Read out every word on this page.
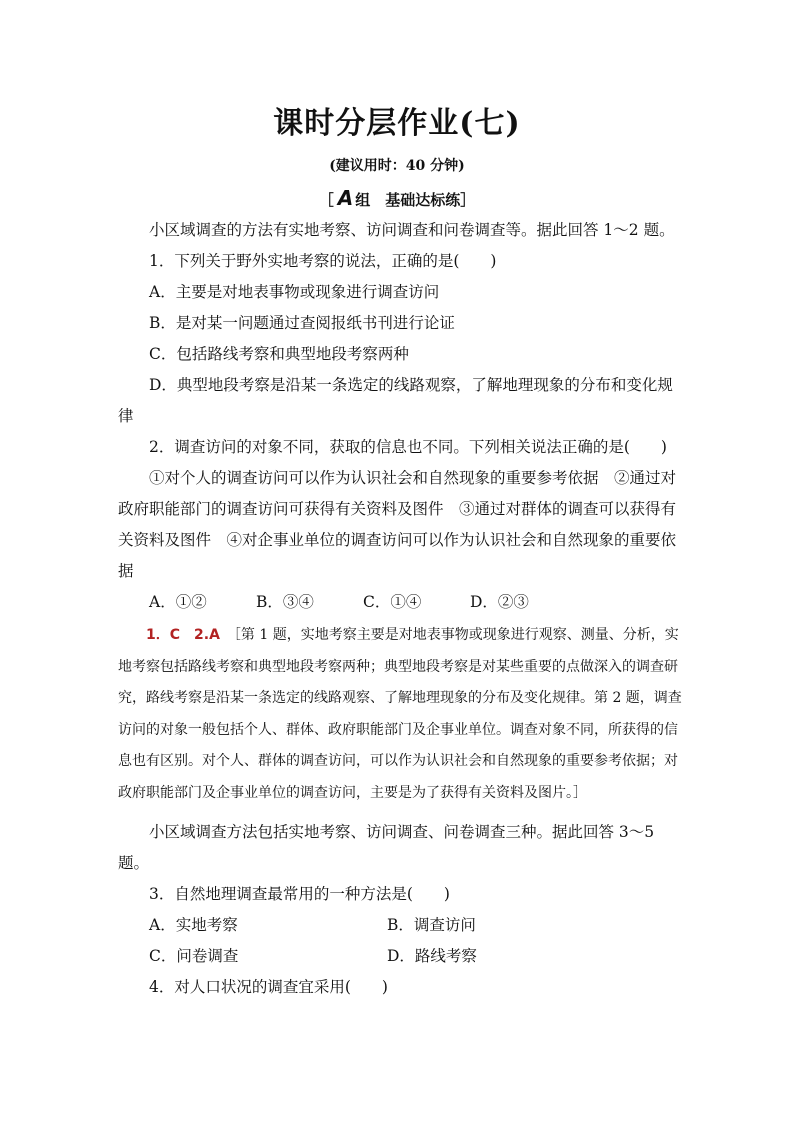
课时分层作业(七)
(建议用时：40 分钟)
［ A 组　基础达标练］

小区域调查的方法有实地考察、访问调查和问卷调查等。据此回答 1～2 题。

1．下列关于野外实地考察的说法，正确的是(　　)

A．主要是对地表事物或现象进行调查访问

B．是对某一问题通过查阅报纸书刊进行论证

C．包括路线考察和典型地段考察两种

D．典型地段考察是沿某一条选定的线路观察，了解地理现象的分布和变化规律

2．调查访问的对象不同，获取的信息也不同。下列相关说法正确的是(　　)

①对个人的调查访问可以作为认识社会和自然现象的重要参考依据　②通过对政府职能部门的调查访问可获得有关资料及图件　③通过对群体的调查可以获得有关资料及图件　④对企事业单位的调查访问可以作为认识社会和自然现象的重要依据

A．①②	B．③④	C．①④	D．②③

1．C　2.A　 ［第 1 题，实地考察主要是对地表事物或现象进行观察、测量、分析，实地考察包括路线考察和典型地段考察两种；典型地段考察是对某些重要的点做深入的调查研究，路线考察是沿某一条选定的线路观察、了解地理现象的分布及变化规律。第 2 题，调查访问的对象一般包括个人、群体、政府职能部门及企事业单位。调查对象不同，所获得的信息也有区别。对个人、群体的调查访问，可以作为认识社会和自然现象的重要参考依据；对政府职能部门及企事业单位的调查访问，主要是为了获得有关资料及图片。］

小区域调查方法包括实地考察、访问调查、问卷调查三种。据此回答 3～5 题。

3．自然地理调查最常用的一种方法是(　　)

A．实地考察	B．调查访问
C．问卷调查	D．路线考察

4．对人口状况的调查宜采用(　　)
